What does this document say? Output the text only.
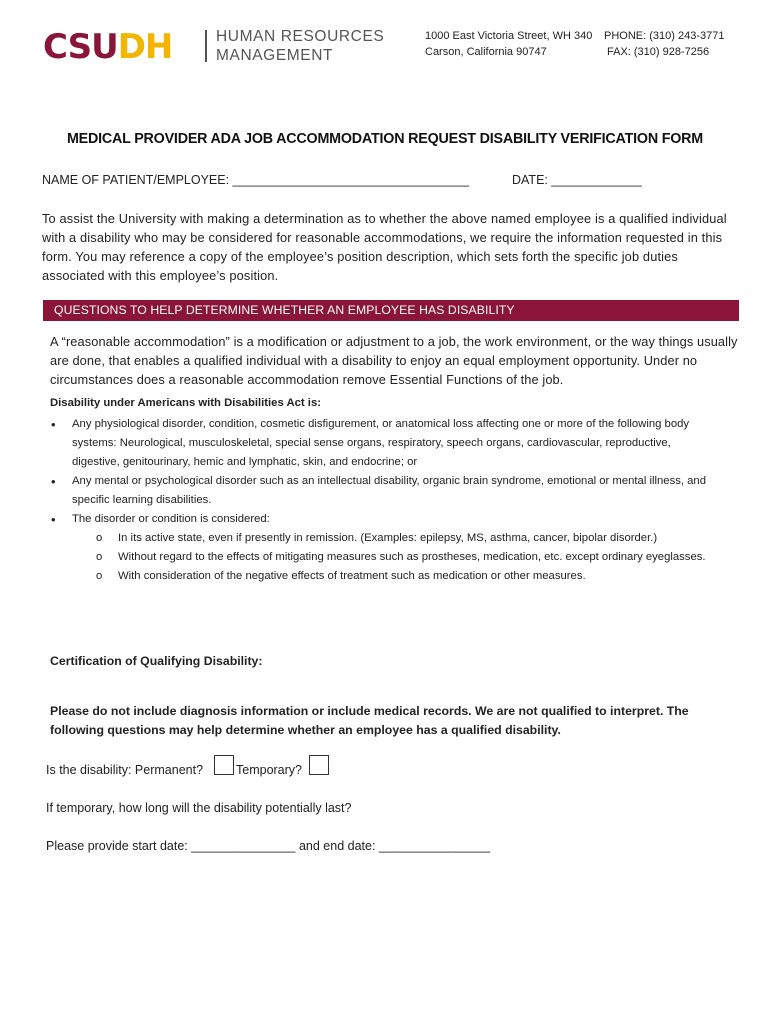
CSUDH	HUMAN RESOURCES
MANAGEMENT
1000 East Victoria Street, WH 340
Carson, California 90747
PHONE: (310) 243-3771
FAX: (310) 928-7256
MEDICAL PROVIDER ADA JOB ACCOMMODATION REQUEST DISABILITY VERIFICATION FORM
NAME OF PATIENT/EMPLOYEE: __________________________________	DATE: _____________
To assist the University with making a determination as to whether the above named employee is a qualified individual with a disability who may be considered for reasonable accommodations, we require the information requested in this form. You may reference a copy of the employee’s position description, which sets forth the specific job duties associated with this employee’s position.
QUESTIONS TO HELP DETERMINE WHETHER AN EMPLOYEE HAS DISABILITY
A “reasonable accommodation” is a modification or adjustment to a job, the work environment, or the way things usually are done, that enables a qualified individual with a disability to enjoy an equal employment opportunity. Under no circumstances does a reasonable accommodation remove Essential Functions of the job.
Disability under Americans with Disabilities Act is:
• Any physiological disorder, condition, cosmetic disfigurement, or anatomical loss affecting one or more of the following body systems: Neurological, musculoskeletal, special sense organs, respiratory, speech organs, cardiovascular, reproductive, digestive, genitourinary, hemic and lymphatic, skin, and endocrine; or
• Any mental or psychological disorder such as an intellectual disability, organic brain syndrome, emotional or mental illness, and specific learning disabilities.
• The disorder or condition is considered:
o In its active state, even if presently in remission. (Examples: epilepsy, MS, asthma, cancer, bipolar disorder.)
o Without regard to the effects of mitigating measures such as prostheses, medication, etc. except ordinary eyeglasses.
o With consideration of the negative effects of treatment such as medication or other measures.
Certification of Qualifying Disability:
Please do not include diagnosis information or include medical records. We are not qualified to interpret. The following questions may help determine whether an employee has a qualified disability.
Is the disability: Permanent?	Temporary?
If temporary, how long will the disability potentially last?
Please provide start date: _______________ and end date: ________________
